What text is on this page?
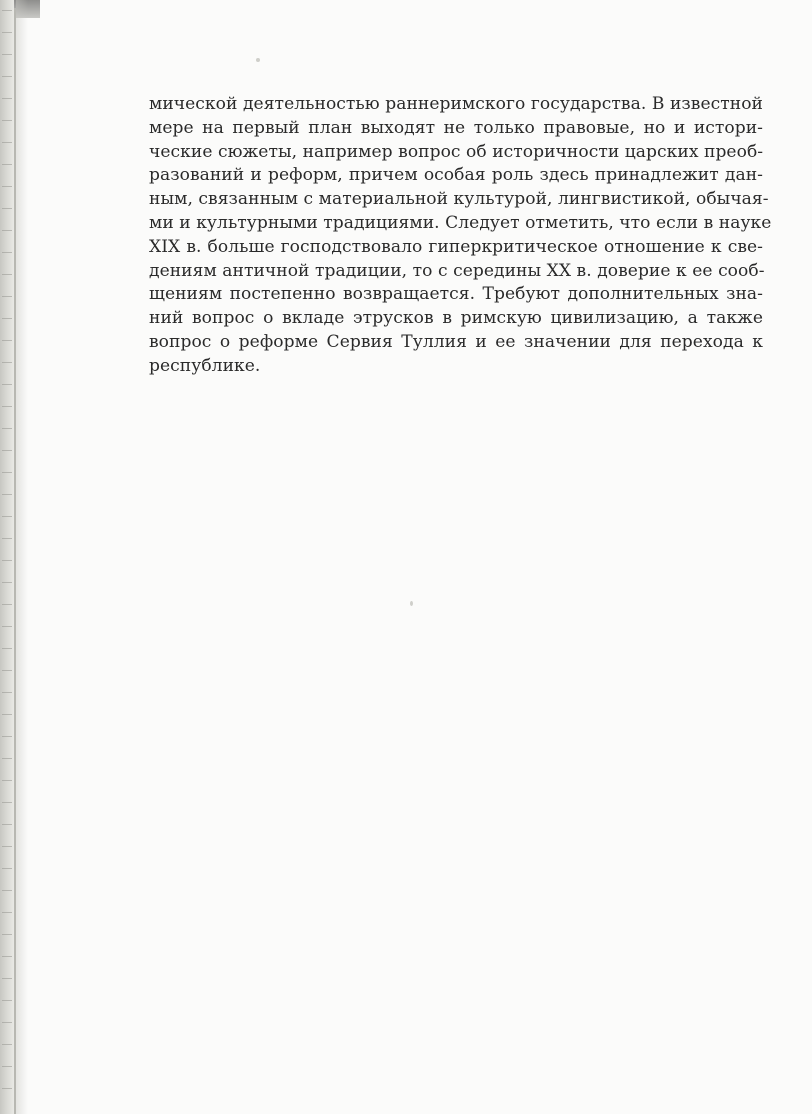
мической деятельностью раннеримского государства. В известной
мере на первый план выходят не только правовые, но и истори-
ческие сюжеты, например вопрос об историчности царских преоб-
разований и реформ, причем особая роль здесь принадлежит дан-
ным, связанным с материальной культурой, лингвистикой, обычая-
ми и культурными традициями. Следует отметить, что если в науке
XIX в. больше господствовало гиперкритическое отношение к све-
дениям античной традиции, то с середины XX в. доверие к ее сооб-
щениям постепенно возвращается. Требуют дополнительных зна-
ний вопрос о вкладе этрусков в римскую цивилизацию, а также
вопрос о реформе Сервия Туллия и ее значении для перехода к
республике.
